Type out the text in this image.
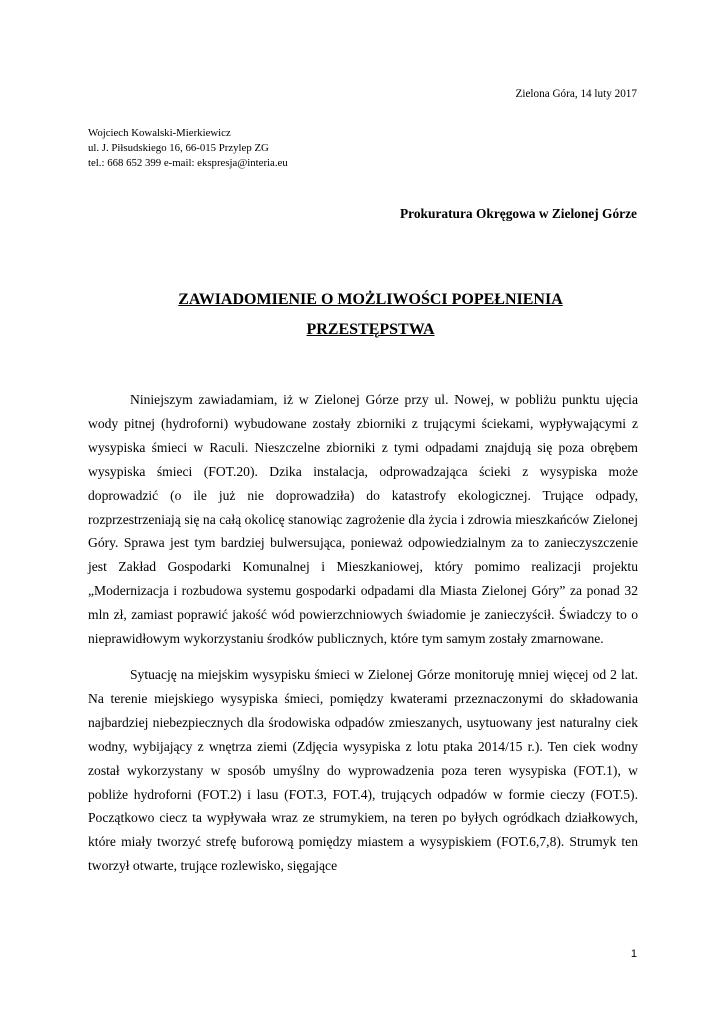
Zielona Góra, 14 luty 2017
Wojciech Kowalski-Mierkiewicz
ul. J. Piłsudskiego 16, 66-015 Przylep ZG
tel.: 668 652 399 e-mail: ekspresja@interia.eu
Prokuratura Okręgowa w Zielonej Górze
ZAWIADOMIENIE O MOŻLIWOŚCI POPEŁNIENIA
PRZESTĘPSTWA

Niniejszym zawiadamiam, iż w Zielonej Górze przy ul. Nowej, w pobliżu punktu ujęcia wody pitnej (hydroforni) wybudowane zostały zbiorniki z trującymi ściekami, wypływającymi z wysypiska śmieci w Raculi. Nieszczelne zbiorniki z tymi odpadami znajdują się poza obrębem wysypiska śmieci (FOT.20). Dzika instalacja, odprowadzająca ścieki z wysypiska może doprowadzić (o ile już nie doprowadziła) do katastrofy ekologicznej. Trujące odpady, rozprzestrzeniają się na całą okolicę stanowiąc zagrożenie dla życia i zdrowia mieszkańców Zielonej Góry. Sprawa jest tym bardziej bulwersująca, ponieważ odpowiedzialnym za to zanieczyszczenie jest Zakład Gospodarki Komunalnej i Mieszkaniowej, który pomimo realizacji projektu „Modernizacja i rozbudowa systemu gospodarki odpadami dla Miasta Zielonej Góry” za ponad 32 mln zł, zamiast poprawić jakość wód powierzchniowych świadomie je zanieczyścił. Świadczy to o nieprawidłowym wykorzystaniu środków publicznych, które tym samym zostały zmarnowane.

Sytuację na miejskim wysypisku śmieci w Zielonej Górze monitoruję mniej więcej od 2 lat. Na terenie miejskiego wysypiska śmieci, pomiędzy kwaterami przeznaczonymi do składowania najbardziej niebezpiecznych dla środowiska odpadów zmieszanych, usytuowany jest naturalny ciek wodny, wybijający z wnętrza ziemi (Zdjęcia wysypiska z lotu ptaka 2014/15 r.). Ten ciek wodny został wykorzystany w sposób umyślny do wyprowadzenia poza teren wysypiska (FOT.1), w pobliże hydroforni (FOT.2) i lasu (FOT.3, FOT.4), trujących odpadów w formie cieczy (FOT.5). Początkowo ciecz ta wypływała wraz ze strumykiem, na teren po byłych ogródkach działkowych, które miały tworzyć strefę buforową pomiędzy miastem a wysypiskiem (FOT.6,7,8). Strumyk ten tworzył otwarte, trujące rozlewisko, sięgające

1
